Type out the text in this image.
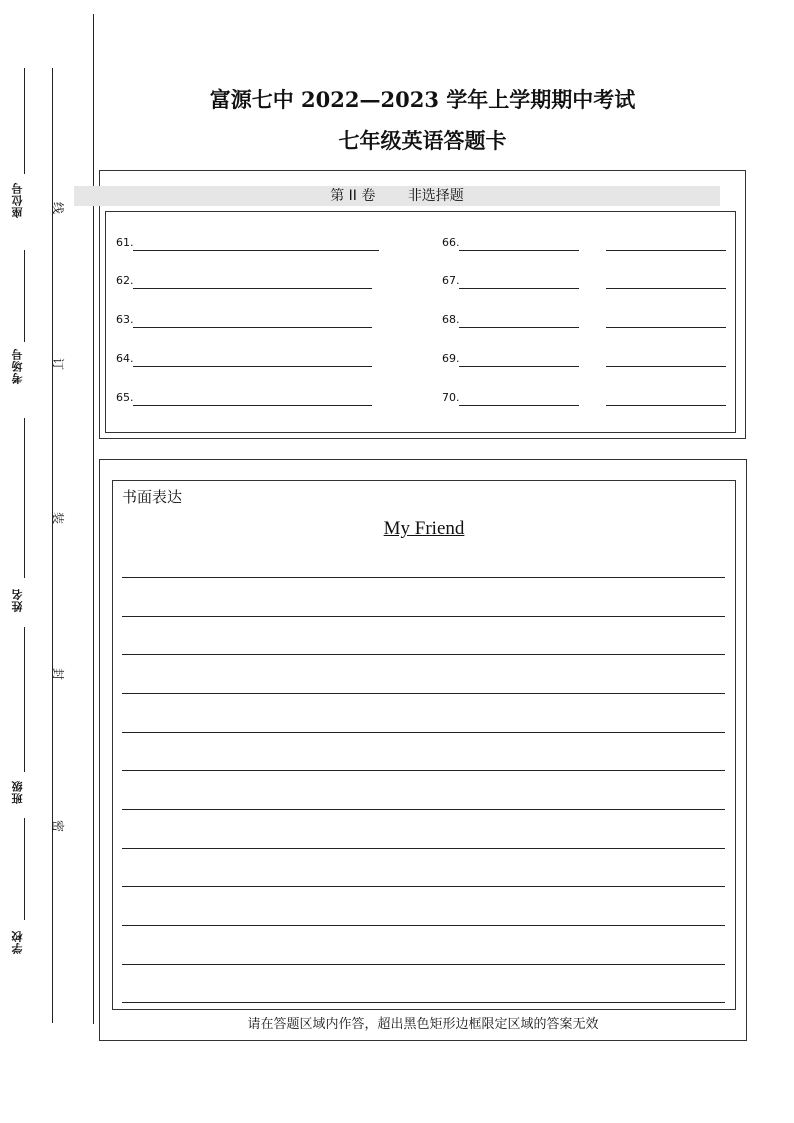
座位号
考场号
姓名
班级
学校
线
订
装
封
密
富源七中 2022—2023 学年上学期期中考试
七年级英语答题卡
第 II 卷 非选择题
61.
62.
63.
64.
65.
66.
67.
68.
69.
70.
书面表达
My Friend
请在答题区域内作答，超出黑色矩形边框限定区域的答案无效
